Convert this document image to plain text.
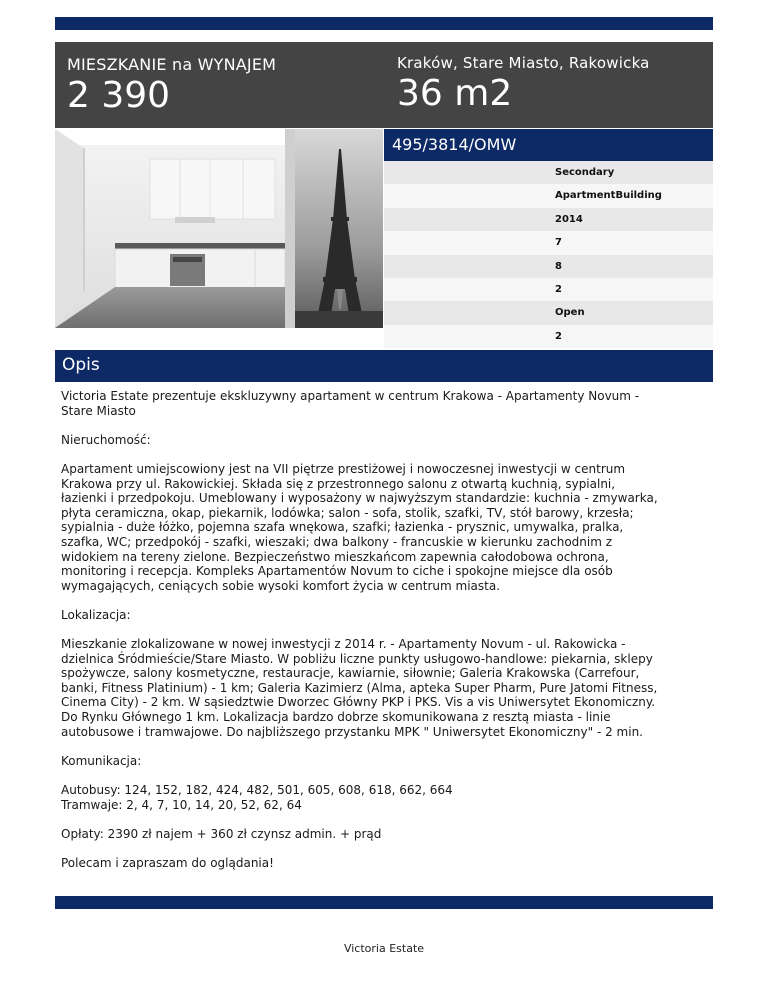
MIESZKANIE na WYNAJEM
2 390
Kraków, Stare Miasto, Rakowicka
36 m2
495/3814/OMW
Secondary
ApartmentBuilding
2014
7
8
2
Open
2
Opis

Victoria Estate prezentuje ekskluzywny apartament w centrum Krakowa - Apartamenty Novum -
Stare Miasto

Nieruchomość:

Apartament umiejscowiony jest na VII piętrze prestiżowej i nowoczesnej inwestycji w centrum
Krakowa przy ul. Rakowickiej. Składa się z przestronnego salonu z otwartą kuchnią, sypialni,
łazienki i przedpokoju. Umeblowany i wyposażony w najwyższym standardzie: kuchnia - zmywarka,
płyta ceramiczna, okap, piekarnik, lodówka; salon - sofa, stolik, szafki, TV, stół barowy, krzesła;
sypialnia - duże łóżko, pojemna szafa wnękowa, szafki; łazienka - prysznic, umywalka, pralka,
szafka, WC; przedpokój - szafki, wieszaki; dwa balkony - francuskie w kierunku zachodnim z
widokiem na tereny zielone. Bezpieczeństwo mieszkańcom zapewnia całodobowa ochrona,
monitoring i recepcja. Kompleks Apartamentów Novum to ciche i spokojne miejsce dla osób
wymagających, ceniących sobie wysoki komfort życia w centrum miasta.

Lokalizacja:

Mieszkanie zlokalizowane w nowej inwestycji z 2014 r. - Apartamenty Novum - ul. Rakowicka -
dzielnica Śródmieście/Stare Miasto. W pobliżu liczne punkty usługowo-handlowe: piekarnia, sklepy
spożywcze, salony kosmetyczne, restauracje, kawiarnie, siłownie; Galeria Krakowska (Carrefour,
banki, Fitness Platinium) - 1 km; Galeria Kazimierz (Alma, apteka Super Pharm, Pure Jatomi Fitness,
Cinema City) - 2 km. W sąsiedztwie Dworzec Główny PKP i PKS. Vis a vis Uniwersytet Ekonomiczny.
Do Rynku Głównego 1 km. Lokalizacja bardzo dobrze skomunikowana z resztą miasta - linie
autobusowe i tramwajowe. Do najbliższego przystanku MPK " Uniwersytet Ekonomiczny" - 2 min.

Komunikacja:

Autobusy: 124, 152, 182, 424, 482, 501, 605, 608, 618, 662, 664
Tramwaje: 2, 4, 7, 10, 14, 20, 52, 62, 64

Opłaty: 2390 zł najem + 360 zł czynsz admin. + prąd

Polecam i zapraszam do oglądania!

Victoria Estate
